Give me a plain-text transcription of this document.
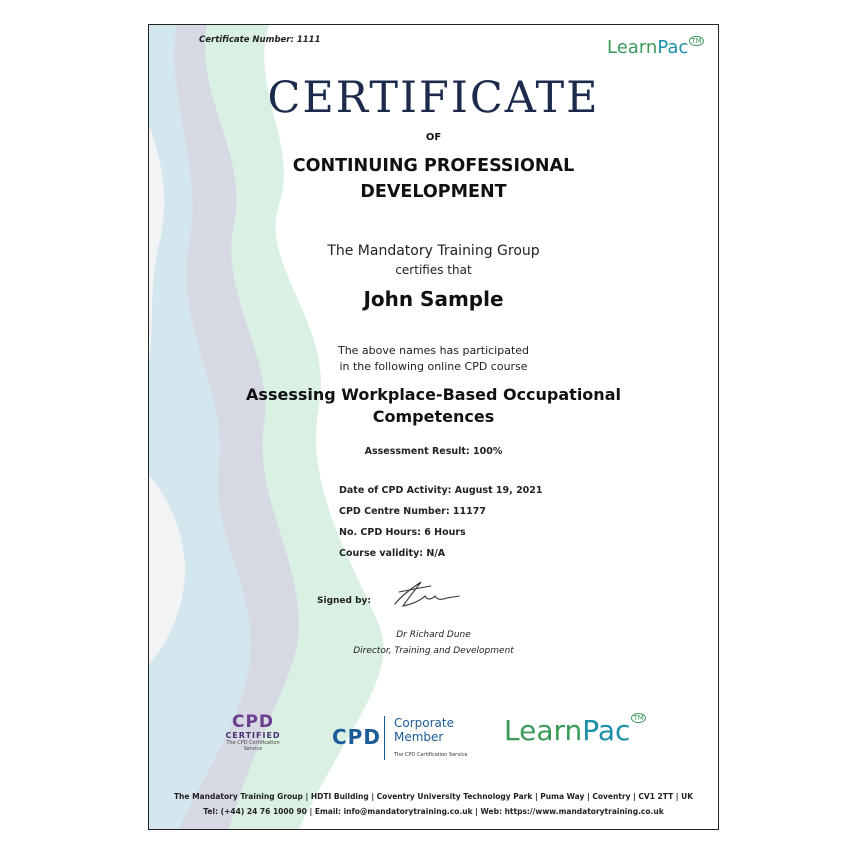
Certificate Number: 1111	LearnPac ™
CERTIFICATE
OF
CONTINUING PROFESSIONAL
DEVELOPMENT
The Mandatory Training Group
certifies that
John Sample
The above names has participated
in the following online CPD course
Assessing Workplace-Based Occupational
Competences
Assessment Result: 100%
Date of CPD Activity: August 19, 2021
CPD Centre Number: 11177
No. CPD Hours: 6 Hours
Course validity: N/A
Signed by:
Dr Richard Dune
Director, Training and Development
CPD
CERTIFIED
The CPD Certification Service	CPD
Corporate
Member
The CPD Certification Service
LearnPac ™
The Mandatory Training Group | HDTI Building | Coventry University Technology Park | Puma Way | Coventry | CV1 2TT | UK
Tel: (+44) 24 76 1000 90 | Email: info@mandatorytraining.co.uk | Web: https://www.mandatorytraining.co.uk
